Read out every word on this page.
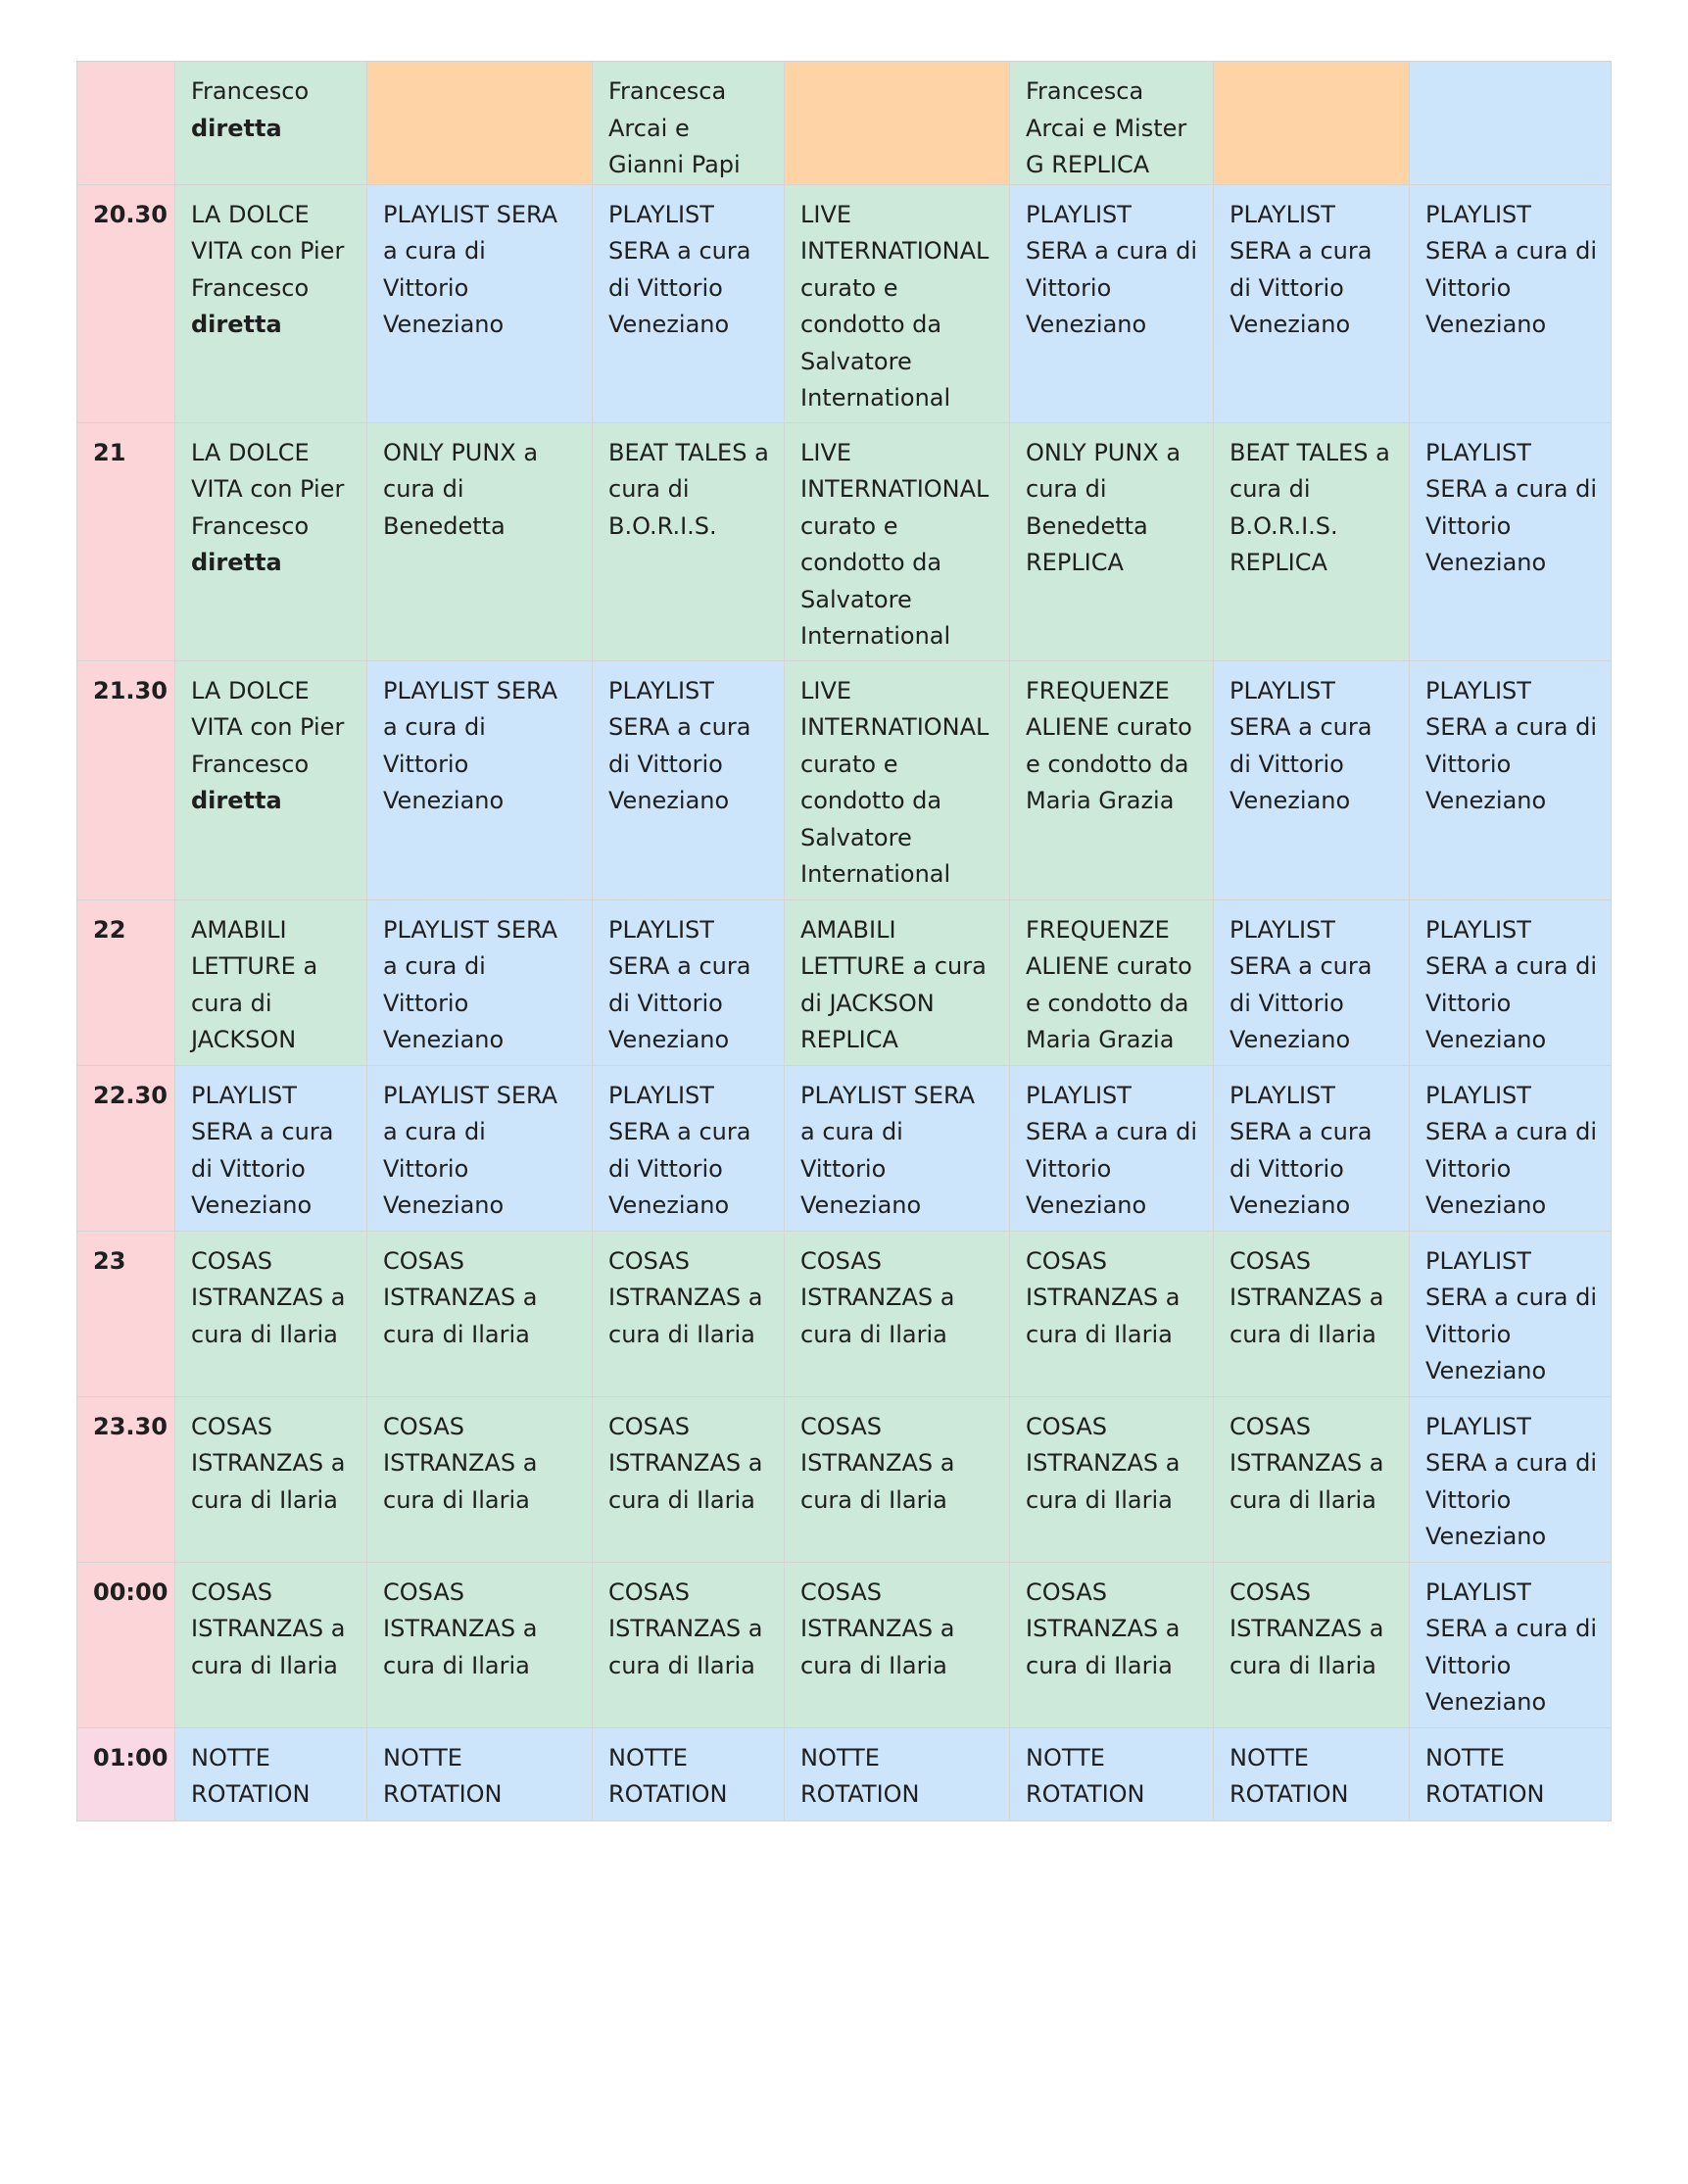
	Francesco diretta		Francesca Arcai e Gianni Papi		Francesca Arcai e Mister G REPLICA		
20.30	LA DOLCE VITA con Pier Francesco diretta	PLAYLIST SERA a cura di Vittorio Veneziano	PLAYLIST SERA a cura di Vittorio Veneziano	LIVE INTERNATIONAL curato e condotto da Salvatore International	PLAYLIST SERA a cura di Vittorio Veneziano	PLAYLIST SERA a cura di Vittorio Veneziano	PLAYLIST SERA a cura di Vittorio Veneziano
21	LA DOLCE VITA con Pier Francesco diretta	ONLY PUNX a cura di Benedetta	BEAT TALES a cura di B.O.R.I.S.	LIVE INTERNATIONAL curato e condotto da Salvatore International	ONLY PUNX a cura di Benedetta REPLICA	BEAT TALES a cura di B.O.R.I.S. REPLICA	PLAYLIST SERA a cura di Vittorio Veneziano
21.30	LA DOLCE VITA con Pier Francesco diretta	PLAYLIST SERA a cura di Vittorio Veneziano	PLAYLIST SERA a cura di Vittorio Veneziano	LIVE INTERNATIONAL curato e condotto da Salvatore International	FREQUENZE ALIENE curato e condotto da Maria Grazia	PLAYLIST SERA a cura di Vittorio Veneziano	PLAYLIST SERA a cura di Vittorio Veneziano
22	AMABILI LETTURE a cura di JACKSON	PLAYLIST SERA a cura di Vittorio Veneziano	PLAYLIST SERA a cura di Vittorio Veneziano	AMABILI LETTURE a cura di JACKSON REPLICA	FREQUENZE ALIENE curato e condotto da Maria Grazia	PLAYLIST SERA a cura di Vittorio Veneziano	PLAYLIST SERA a cura di Vittorio Veneziano
22.30	PLAYLIST SERA a cura di Vittorio Veneziano	PLAYLIST SERA a cura di Vittorio Veneziano	PLAYLIST SERA a cura di Vittorio Veneziano	PLAYLIST SERA a cura di Vittorio Veneziano	PLAYLIST SERA a cura di Vittorio Veneziano	PLAYLIST SERA a cura di Vittorio Veneziano	PLAYLIST SERA a cura di Vittorio Veneziano
23	COSAS ISTRANZAS a cura di Ilaria	COSAS ISTRANZAS a cura di Ilaria	COSAS ISTRANZAS a cura di Ilaria	COSAS ISTRANZAS a cura di Ilaria	COSAS ISTRANZAS a cura di Ilaria	COSAS ISTRANZAS a cura di Ilaria	PLAYLIST SERA a cura di Vittorio Veneziano
23.30	COSAS ISTRANZAS a cura di Ilaria	COSAS ISTRANZAS a cura di Ilaria	COSAS ISTRANZAS a cura di Ilaria	COSAS ISTRANZAS a cura di Ilaria	COSAS ISTRANZAS a cura di Ilaria	COSAS ISTRANZAS a cura di Ilaria	PLAYLIST SERA a cura di Vittorio Veneziano
00:00	COSAS ISTRANZAS a cura di Ilaria	COSAS ISTRANZAS a cura di Ilaria	COSAS ISTRANZAS a cura di Ilaria	COSAS ISTRANZAS a cura di Ilaria	COSAS ISTRANZAS a cura di Ilaria	COSAS ISTRANZAS a cura di Ilaria	PLAYLIST SERA a cura di Vittorio Veneziano
01:00	NOTTE ROTATION	NOTTE ROTATION	NOTTE ROTATION	NOTTE ROTATION	NOTTE ROTATION	NOTTE ROTATION	NOTTE ROTATION
